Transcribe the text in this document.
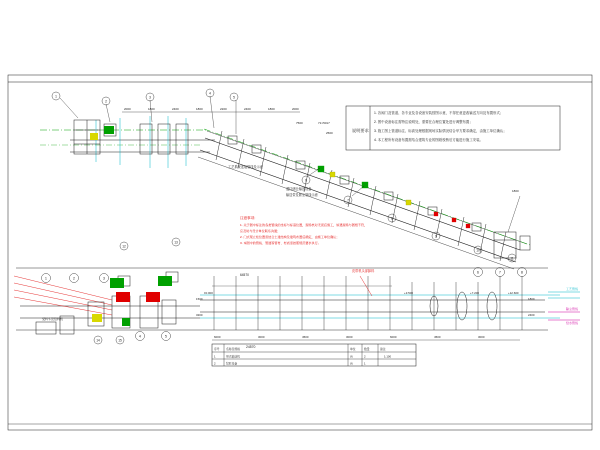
说明要求
1. 各阀门及管道、各专业及各设备安装按图示意，不得任意更改输送方向及布置形式；
2. 图中设备标注需特注说明处，需要在合理位置处进行调整布置；
3. 施工图上管道标注、标高处理根据现场实际情况结合甲方要求确定，由施工单位确认；
4. 本工程所有设备布置需结合建筑专业的图纸校核后方能进行施工安装。
注意事项:
1. 关于图中标注的各类管线的坐标与标高位置，现场核对无误后施工，如遇现场与图纸不符，
应及时与设计单位联系沟通；
2. 门式架立柱位置需结合土建结构及建筑布置后确定，由施工单位确认；
3. 本图中的管线、管道等管材、材质需按照规范要求执行。
2000	1800	2400	1800	2200	2400	1800	2000
7500	71×5017
2500
1800
工艺系统连接管线及示意
通往储仓输送设备
输送带及除尘管线示意
皮带机头部卸料
受料斗及给料机
64570
24570
6000	3000	4500	3000	6000	4500	3000
1500
3200
1800
2400
±0.000	+3.500	+7.200	+12.600
工艺管线
除尘管线
给水管线
1	2	3
4	5
6	7	8
1
2
3
4
5
6
7
8
9
10
11
12
13
14	15
序号 名称及规格	单位	数量	备注
1	带式输送机	台	2
2	给料设备	台	1
1:100
